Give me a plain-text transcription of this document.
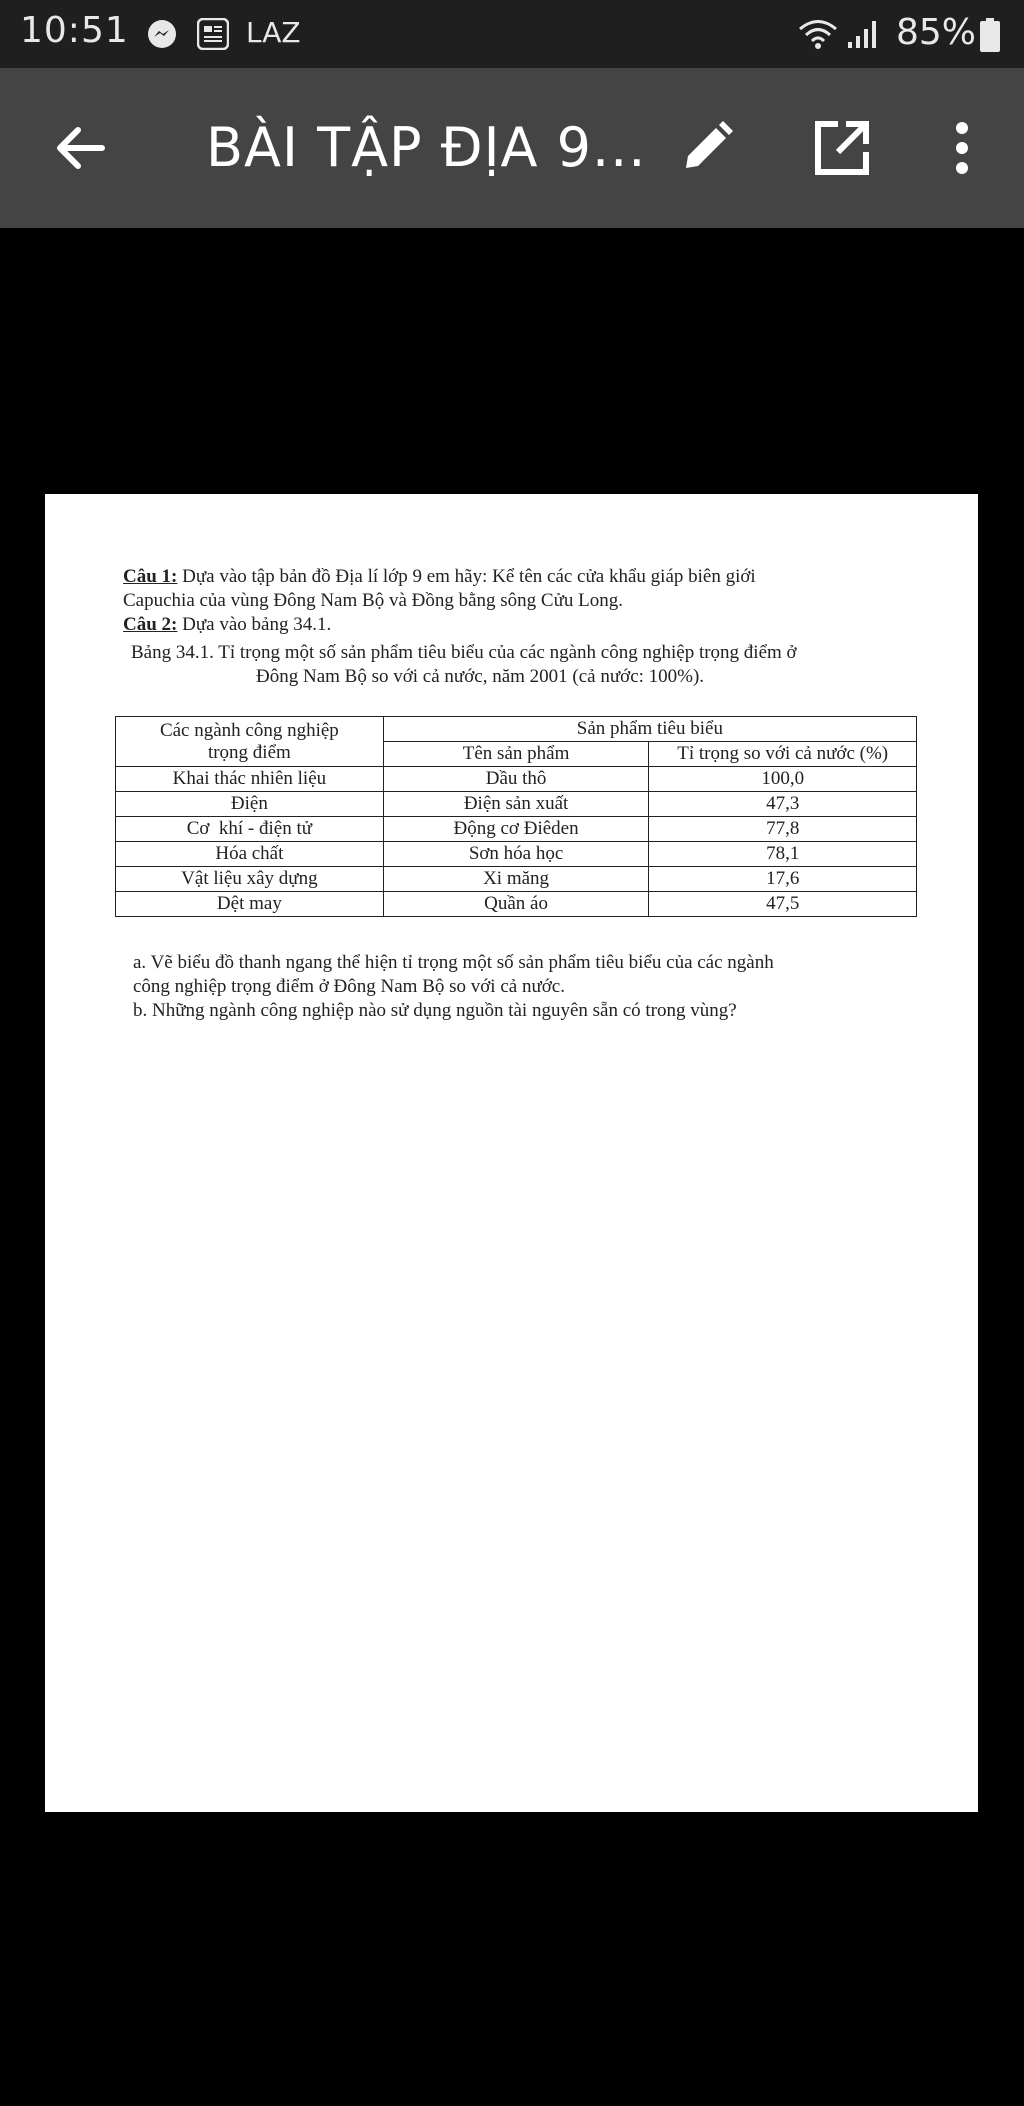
10:51	LAZ	85%
BÀI TẬP ĐỊA 9...
Câu 1: Dựa vào tập bản đồ Địa lí lớp 9 em hãy: Kể tên các cửa khẩu giáp biên giới
Capuchia của vùng Đông Nam Bộ và Đồng bằng sông Cửu Long.
Câu 2: Dựa vào bảng 34.1.
Bảng 34.1. Tỉ trọng một số sản phẩm tiêu biểu của các ngành công nghiệp trọng điểm ở
Đông Nam Bộ so với cả nước, năm 2001 (cả nước: 100%).
Các ngành công nghiệp
trọng điểm	Sản phẩm tiêu biểu	
	Tên sản phẩm	Tỉ trọng so với cả nước (%)
Khai thác nhiên liệu	Dầu thô	100,0
Điện	Điện sản xuất	47,3
Cơ  khí - điện tử	Động cơ Điêden	77,8
Hóa chất	Sơn hóa học	78,1
Vật liệu xây dựng	Xi măng	17,6
Dệt may	Quần áo	47,5
a. Vẽ biểu đồ thanh ngang thể hiện tỉ trọng một số sản phẩm tiêu biểu của các ngành
công nghiệp trọng điểm ở Đông Nam Bộ so với cả nước.
b. Những ngành công nghiệp nào sử dụng nguồn tài nguyên sẵn có trong vùng?
